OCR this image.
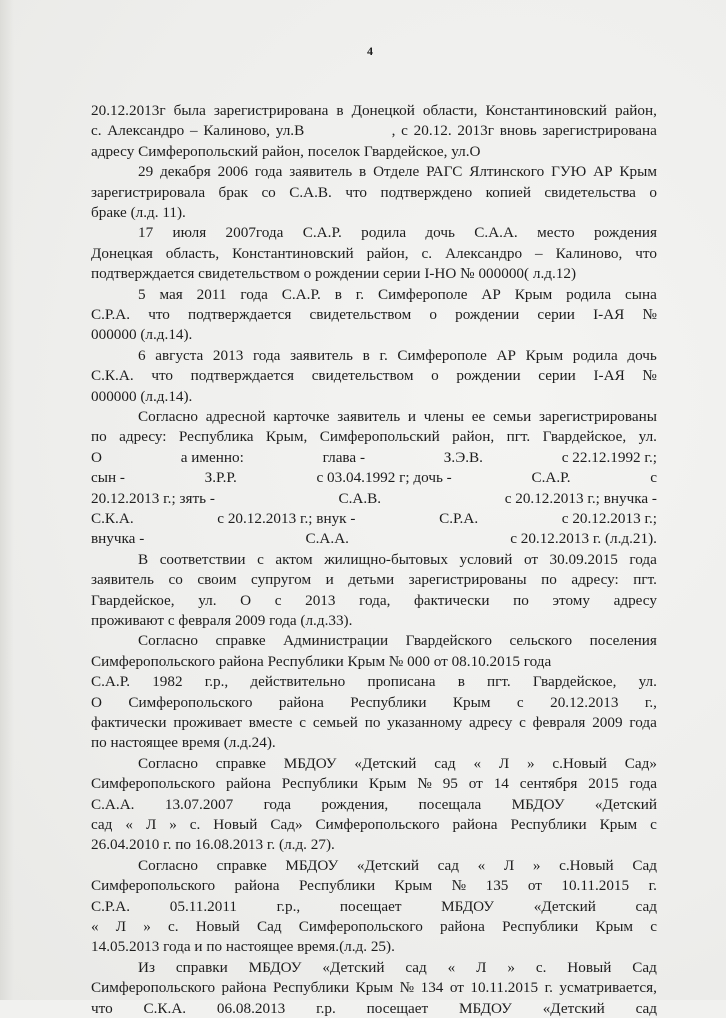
4
20.12.2013г была зарегистрирована в Донецкой области, Константиновский район,
с. Александро – Калиново, ул.В
	, с 20.12. 2013г вновь зарегистрирована
адресу Симферопольский район, поселок Гвардейское, ул.О
29 декабря 2006 года заявитель в Отделе РАГС Ялтинского ГУЮ АР Крым
зарегистрировала брак со С.А.В. что подтверждено копией свидетельства о
браке (л.д. 11).
17 июля 2007года С.А.Р. родила дочь С.А.А. место рождения
Донецкая область, Константиновский район, с. Александро – Калиново, что
подтверждается свидетельством о рождении серии I-НО № 000000( л.д.12)
5 мая 2011 года С.А.Р. в г. Симферополе АР Крым родила сына
С.Р.А. что подтверждается свидетельством о рождении серии I-АЯ №
000000 (л.д.14).
6 августа 2013 года заявитель в г. Симферополе АР Крым родила дочь
С.К.А. что подтверждается свидетельством о рождении серии I-АЯ №
000000 (л.д.14).
Согласно адресной карточке заявитель и члены ее семьи зарегистрированы
по адресу: Республика Крым, Симферопольский район, пгт. Гвардейское, ул.
О	а именно:	глава -	З.Э.В.	с 22.12.1992 г.;
сын -	З.Р.Р.	с 03.04.1992 г; дочь -	С.А.Р.	с
20.12.2013 г.; зять -	С.А.В.	с 20.12.2013 г.; внучка -
С.К.А.	с 20.12.2013 г.; внук -	С.Р.А.	с 20.12.2013 г.;
внучка -	С.А.А.	с 20.12.2013 г. (л.д.21).
В соответствии с актом жилищно-бытовых условий от 30.09.2015 года
заявитель со своим супругом и детьми зарегистрированы по адресу: пгт.
Гвардейское, ул. О с 2013 года, фактически по этому адресу
проживают с февраля 2009 года (л.д.33).
Согласно справке Администрации Гвардейского сельского поселения
Симферопольского района Республики Крым № 000 от 08.10.2015 года
С.А.Р. 1982 г.р., действительно прописана в пгт. Гвардейское, ул.
О Симферопольского района Республики Крым с 20.12.2013 г.,
фактически проживает вместе с семьей по указанному адресу с февраля 2009 года
по настоящее время (л.д.24).
Согласно справке МБДОУ «Детский сад « Л » с.Новый Сад»
Симферопольского района Республики Крым № 95 от 14 сентября 2015 года
С.А.А. 13.07.2007 года рождения, посещала МБДОУ «Детский
сад « Л » с. Новый Сад» Симферопольского района Республики Крым с
26.04.2010 г. по 16.08.2013 г. (л.д. 27).
Согласно справке МБДОУ «Детский сад « Л » с.Новый Сад
Симферопольского района Республики Крым № 135 от 10.11.2015 г.
С.Р.А.	05.11.2011	г.р.,	посещает	МБДОУ	«Детский	сад
« Л » с. Новый Сад Симферопольского района Республики Крым с
14.05.2013 года и по настоящее время.(л.д. 25).
Из справки МБДОУ «Детский сад « Л » с. Новый Сад
Симферопольского района Республики Крым № 134 от 10.11.2015 г. усматривается,
что С.К.А. 06.08.2013 г.р. посещает МБДОУ «Детский сад
